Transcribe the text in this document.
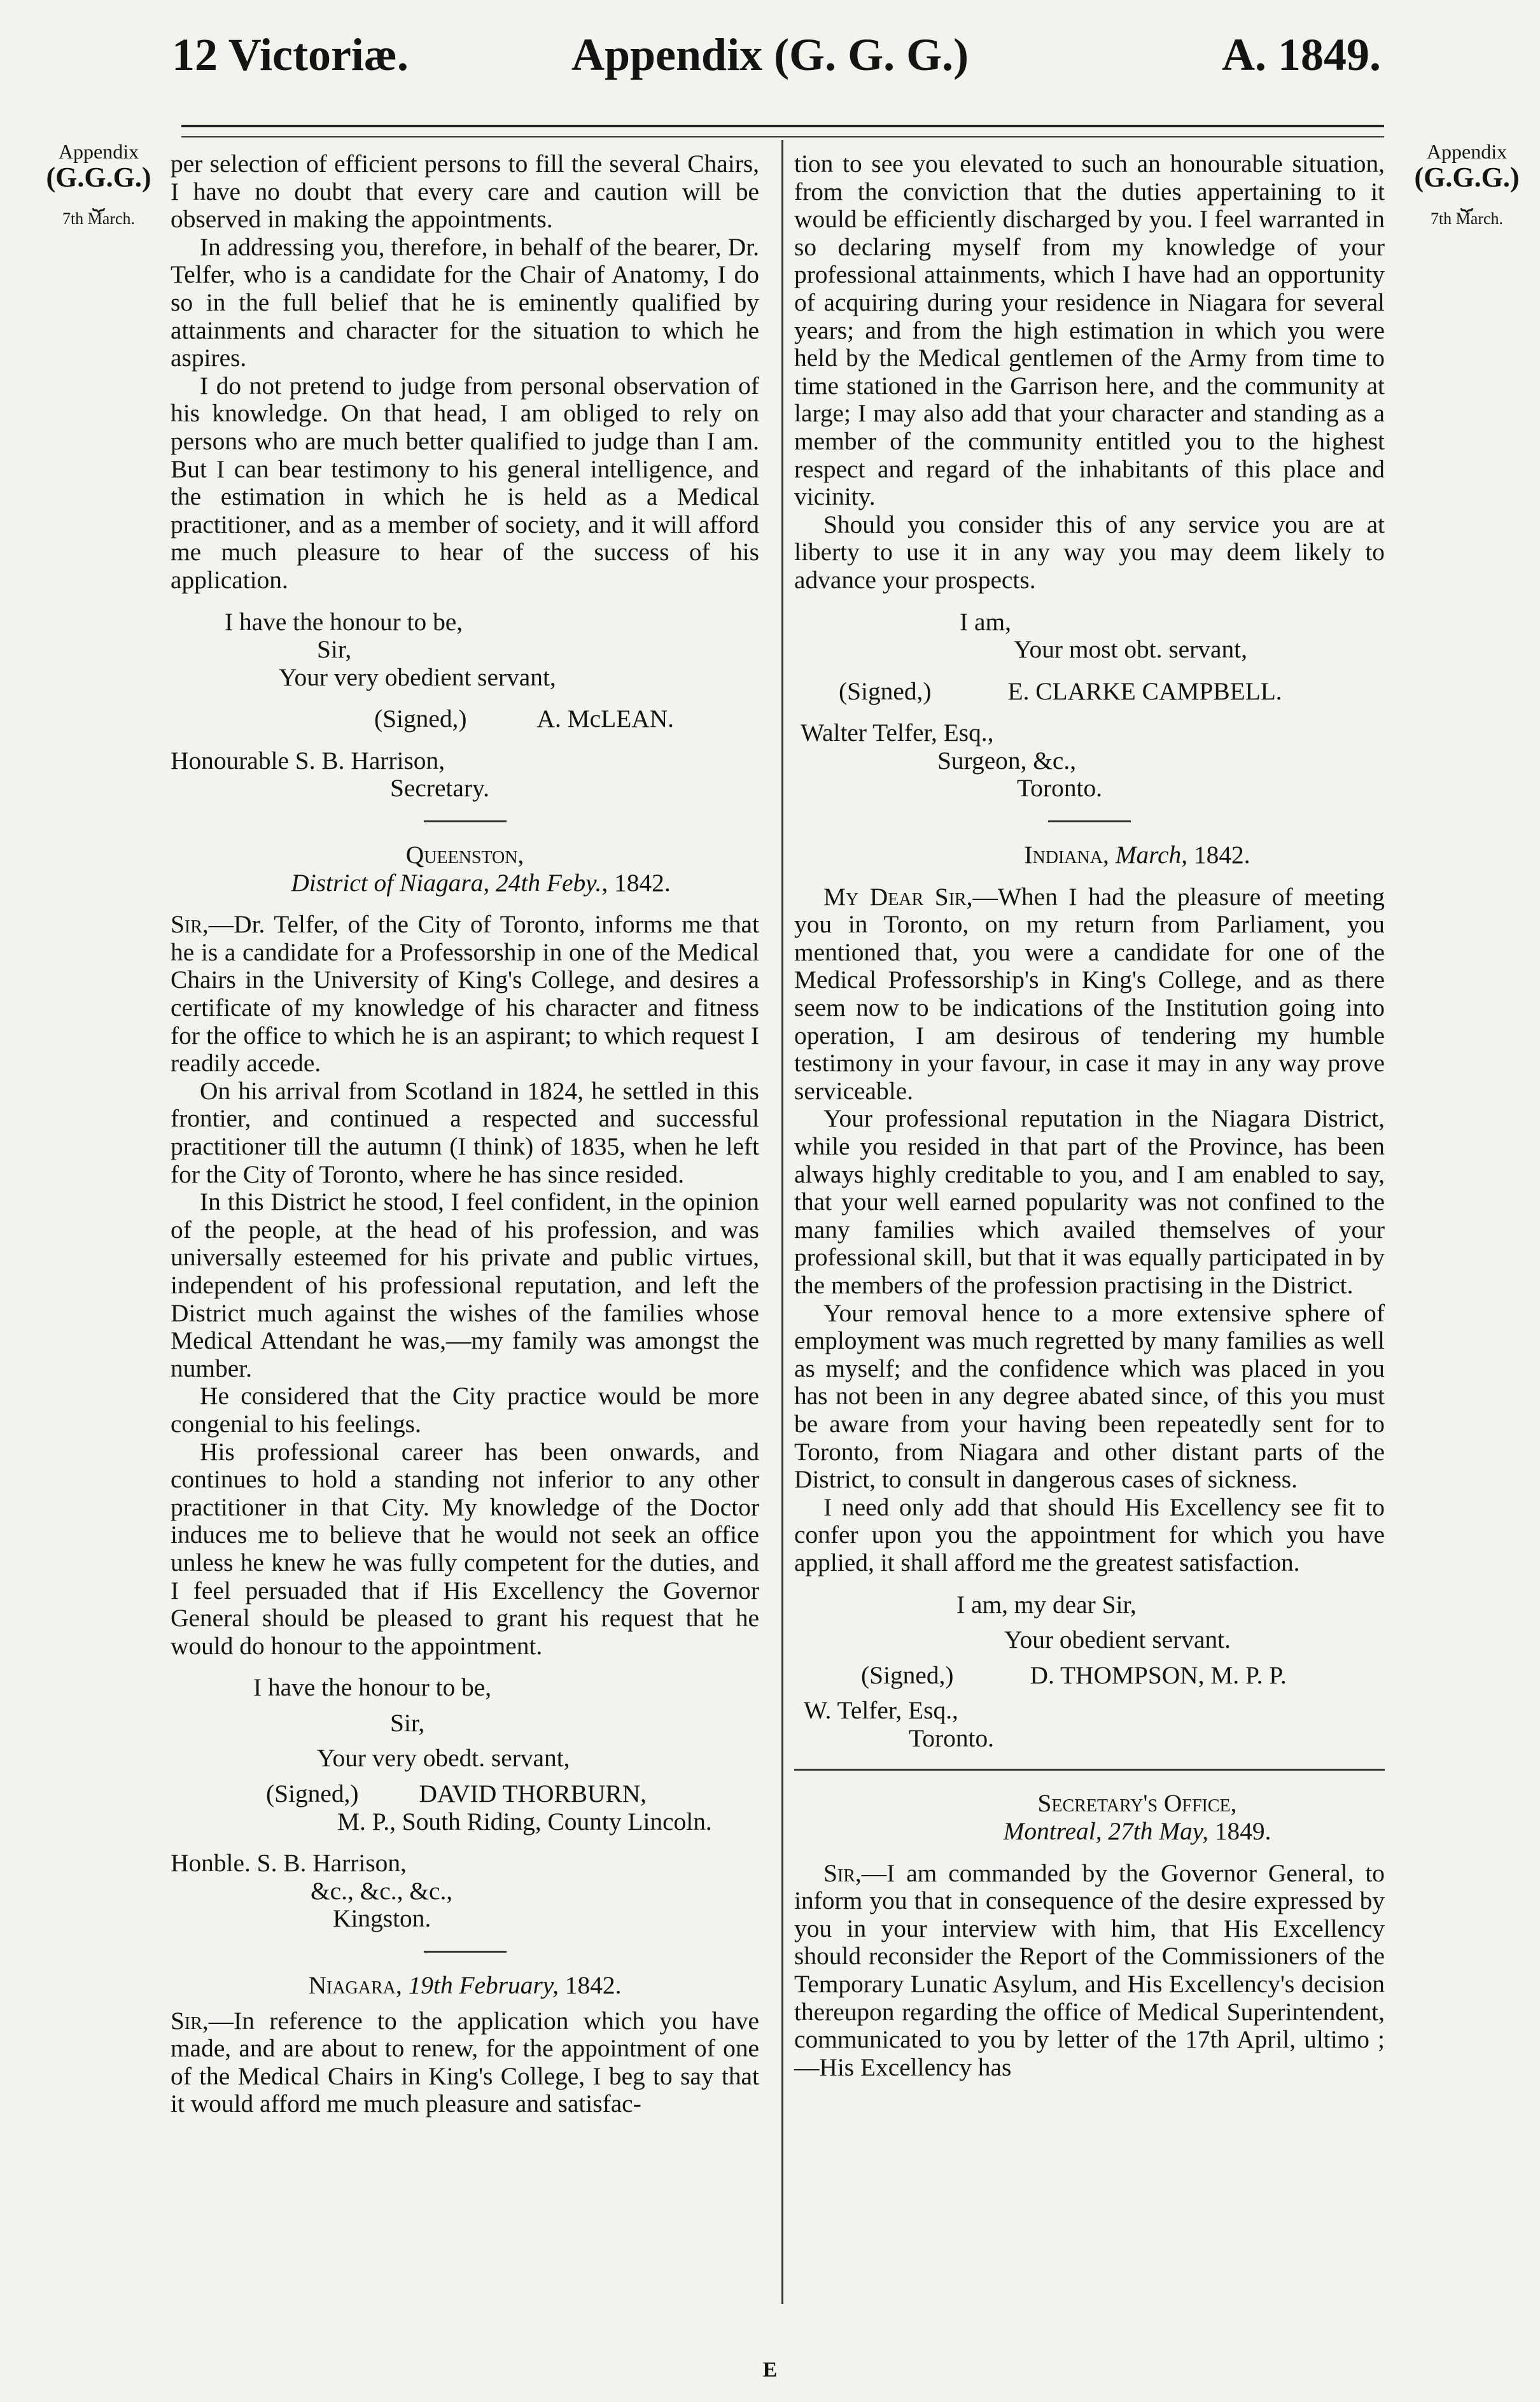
12 Victoriæ.	Appendix (G. G. G.)	A. 1849.
Appendix
(G.G.G.)
⏟
7th March.
Appendix
(G.G.G.)
⏟
7th March.

per selection of efficient persons to fill the several Chairs, I have no doubt that every care and caution will be observed in making the appointments.

In addressing you, therefore, in behalf of the bearer, Dr. Telfer, who is a candidate for the Chair of Anatomy, I do so in the full belief that he is eminently qualified by attainments and character for the situation to which he aspires.

I do not pretend to judge from personal observation of his knowledge. On that head, I am obliged to rely on persons who are much better qualified to judge than I am. But I can bear testimony to his general intelligence, and the estimation in which he is held as a Medical practitioner, and as a member of society, and it will afford me much pleasure to hear of the success of his application.

I have the honour to be,

Sir,

Your very obedient servant,

(Signed,)	A. McLEAN.

Honourable S. B. Harrison,

Secretary.

Queenston,

District of Niagara, 24th Feby., 1842.

Sir,—Dr. Telfer, of the City of Toronto, informs me that he is a candidate for a Professorship in one of the Medical Chairs in the University of King's College, and desires a certificate of my knowledge of his character and fitness for the office to which he is an aspirant; to which request I readily accede.

On his arrival from Scotland in 1824, he settled in this frontier, and continued a respected and successful practitioner till the autumn (I think) of 1835, when he left for the City of Toronto, where he has since resided.

In this District he stood, I feel confident, in the opinion of the people, at the head of his profession, and was universally esteemed for his private and public virtues, independent of his professional reputation, and left the District much against the wishes of the families whose Medical Attendant he was,—my family was amongst the number.

He considered that the City practice would be more congenial to his feelings.

His professional career has been onwards, and continues to hold a standing not inferior to any other practitioner in that City. My knowledge of the Doctor induces me to believe that he would not seek an office unless he knew he was fully competent for the duties, and I feel persuaded that if His Excellency the Governor General should be pleased to grant his request that he would do honour to the appointment.

I have the honour to be,

Sir,

Your very obedt. servant,

(Signed,) DAVID THORBURN,

M. P., South Riding, County Lincoln.

Honble. S. B. Harrison,

&c., &c., &c.,

Kingston.

Niagara, 19th February, 1842.

Sir,—In reference to the application which you have made, and are about to renew, for the appointment of one of the Medical Chairs in King's College, I beg to say that it would afford me much pleasure and satisfac-

tion to see you elevated to such an honourable situation, from the conviction that the duties appertaining to it would be efficiently discharged by you. I feel warranted in so declaring myself from my knowledge of your professional attainments, which I have had an opportunity of acquiring during your residence in Niagara for several years; and from the high estimation in which you were held by the Medical gentlemen of the Army from time to time stationed in the Garrison here, and the community at large; I may also add that your character and standing as a member of the community entitled you to the highest respect and regard of the inhabitants of this place and vicinity.

Should you consider this of any service you are at liberty to use it in any way you may deem likely to advance your prospects.

I am,

Your most obt. servant,

(Signed,)	E. CLARKE CAMPBELL.

Walter Telfer, Esq.,

Surgeon, &c.,

Toronto.

Indiana, March, 1842.

My Dear Sir,—When I had the pleasure of meeting you in Toronto, on my return from Parliament, you mentioned that, you were a candidate for one of the Medical Professorship's in King's College, and as there seem now to be indications of the Institution going into operation, I am desirous of tendering my humble testimony in your favour, in case it may in any way prove serviceable.

Your professional reputation in the Niagara District, while you resided in that part of the Province, has been always highly creditable to you, and I am enabled to say, that your well earned popularity was not confined to the many families which availed themselves of your professional skill, but that it was equally participated in by the members of the profession practising in the District.

Your removal hence to a more extensive sphere of employment was much regretted by many families as well as myself; and the confidence which was placed in you has not been in any degree abated since, of this you must be aware from your having been repeatedly sent for to Toronto, from Niagara and other distant parts of the District, to consult in dangerous cases of sickness.

I need only add that should His Excellency see fit to confer upon you the appointment for which you have applied, it shall afford me the greatest satisfaction.

I am, my dear Sir,

Your obedient servant.

(Signed,)	D. THOMPSON, M. P. P.

W. Telfer, Esq.,

Toronto.

Secretary's Office,

Montreal, 27th May, 1849.

Sir,—I am commanded by the Governor General, to inform you that in consequence of the desire expressed by you in your interview with him, that His Excellency should reconsider the Report of the Commissioners of the Temporary Lunatic Asylum, and His Excellency's decision thereupon regarding the office of Medical Superintendent, communicated to you by letter of the 17th April, ultimo ;—His Excellency has

E
